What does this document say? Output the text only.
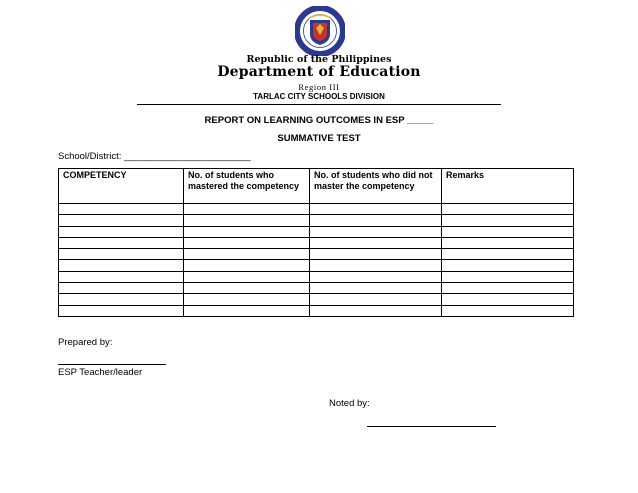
Republic of the Philippines
Department of Education
Region III
TARLAC CITY SCHOOLS DIVISION
REPORT ON LEARNING OUTCOMES IN ESP _____
SUMMATIVE TEST
School/District: ________________________
COMPETENCY	No. of students who mastered the competency	No. of students who did not master the competency	Remarks

Prepared by:
ESP Teacher/leader
Noted by:
